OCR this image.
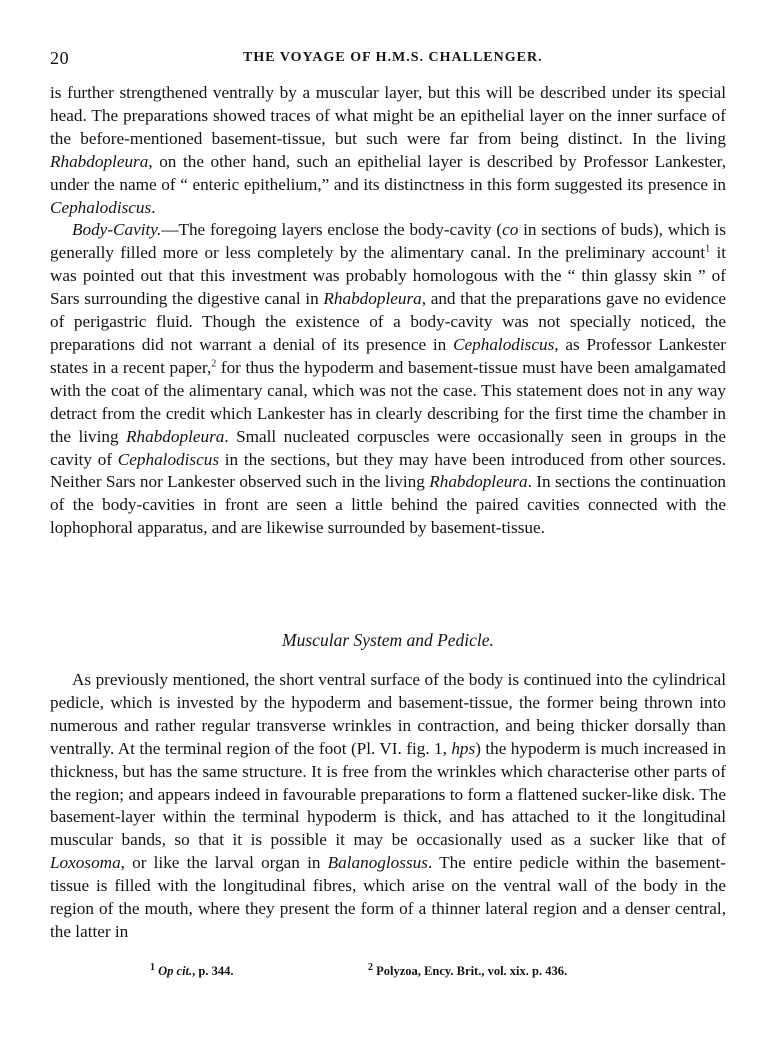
20	THE VOYAGE OF H.M.S. CHALLENGER.

is further strengthened ventrally by a muscular layer, but this will be described under its special head. The preparations showed traces of what might be an epithelial layer on the inner surface of the before-mentioned basement-tissue, but such were far from being distinct. In the living Rhabdopleura, on the other hand, such an epithelial layer is described by Professor Lankester, under the name of “ enteric epithelium,” and its distinctness in this form suggested its presence in Cephalodiscus.

Body-Cavity.—The foregoing layers enclose the body-cavity (co in sections of buds), which is generally filled more or less completely by the alimentary canal. In the preliminary account$^1$ it was pointed out that this investment was probably homologous with the “ thin glassy skin ” of Sars surrounding the digestive canal in Rhabdopleura, and that the preparations gave no evidence of perigastric fluid. Though the existence of a body-cavity was not specially noticed, the preparations did not warrant a denial of its presence in Cephalodiscus, as Professor Lankester states in a recent paper,$^2$ for thus the hypoderm and basement-tissue must have been amalgamated with the coat of the alimentary canal, which was not the case. This statement does not in any way detract from the credit which Lankester has in clearly describing for the first time the chamber in the living Rhabdopleura. Small nucleated corpuscles were occasionally seen in groups in the cavity of Cephalodiscus in the sections, but they may have been introduced from other sources. Neither Sars nor Lankester observed such in the living Rhabdopleura. In sections the continuation of the body-cavities in front are seen a little behind the paired cavities connected with the lophophoral apparatus, and are likewise surrounded by basement-tissue.

Muscular System and Pedicle.

As previously mentioned, the short ventral surface of the body is continued into the cylindrical pedicle, which is invested by the hypoderm and basement-tissue, the former being thrown into numerous and rather regular transverse wrinkles in contraction, and being thicker dorsally than ventrally. At the terminal region of the foot (Pl. VI. fig. 1, hps) the hypoderm is much increased in thickness, but has the same structure. It is free from the wrinkles which characterise other parts of the region; and appears indeed in favourable preparations to form a flattened sucker-like disk. The basement-layer within the terminal hypoderm is thick, and has attached to it the longitudinal muscular bands, so that it is possible it may be occasionally used as a sucker like that of Loxosoma, or like the larval organ in Balanoglossus. The entire pedicle within the basement-tissue is filled with the longitudinal fibres, which arise on the ventral wall of the body in the region of the mouth, where they present the form of a thinner lateral region and a denser central, the latter in

$^1$ Op cit., p. 344.	$^2$ Polyzoa, Ency. Brit., vol. xix. p. 436.
